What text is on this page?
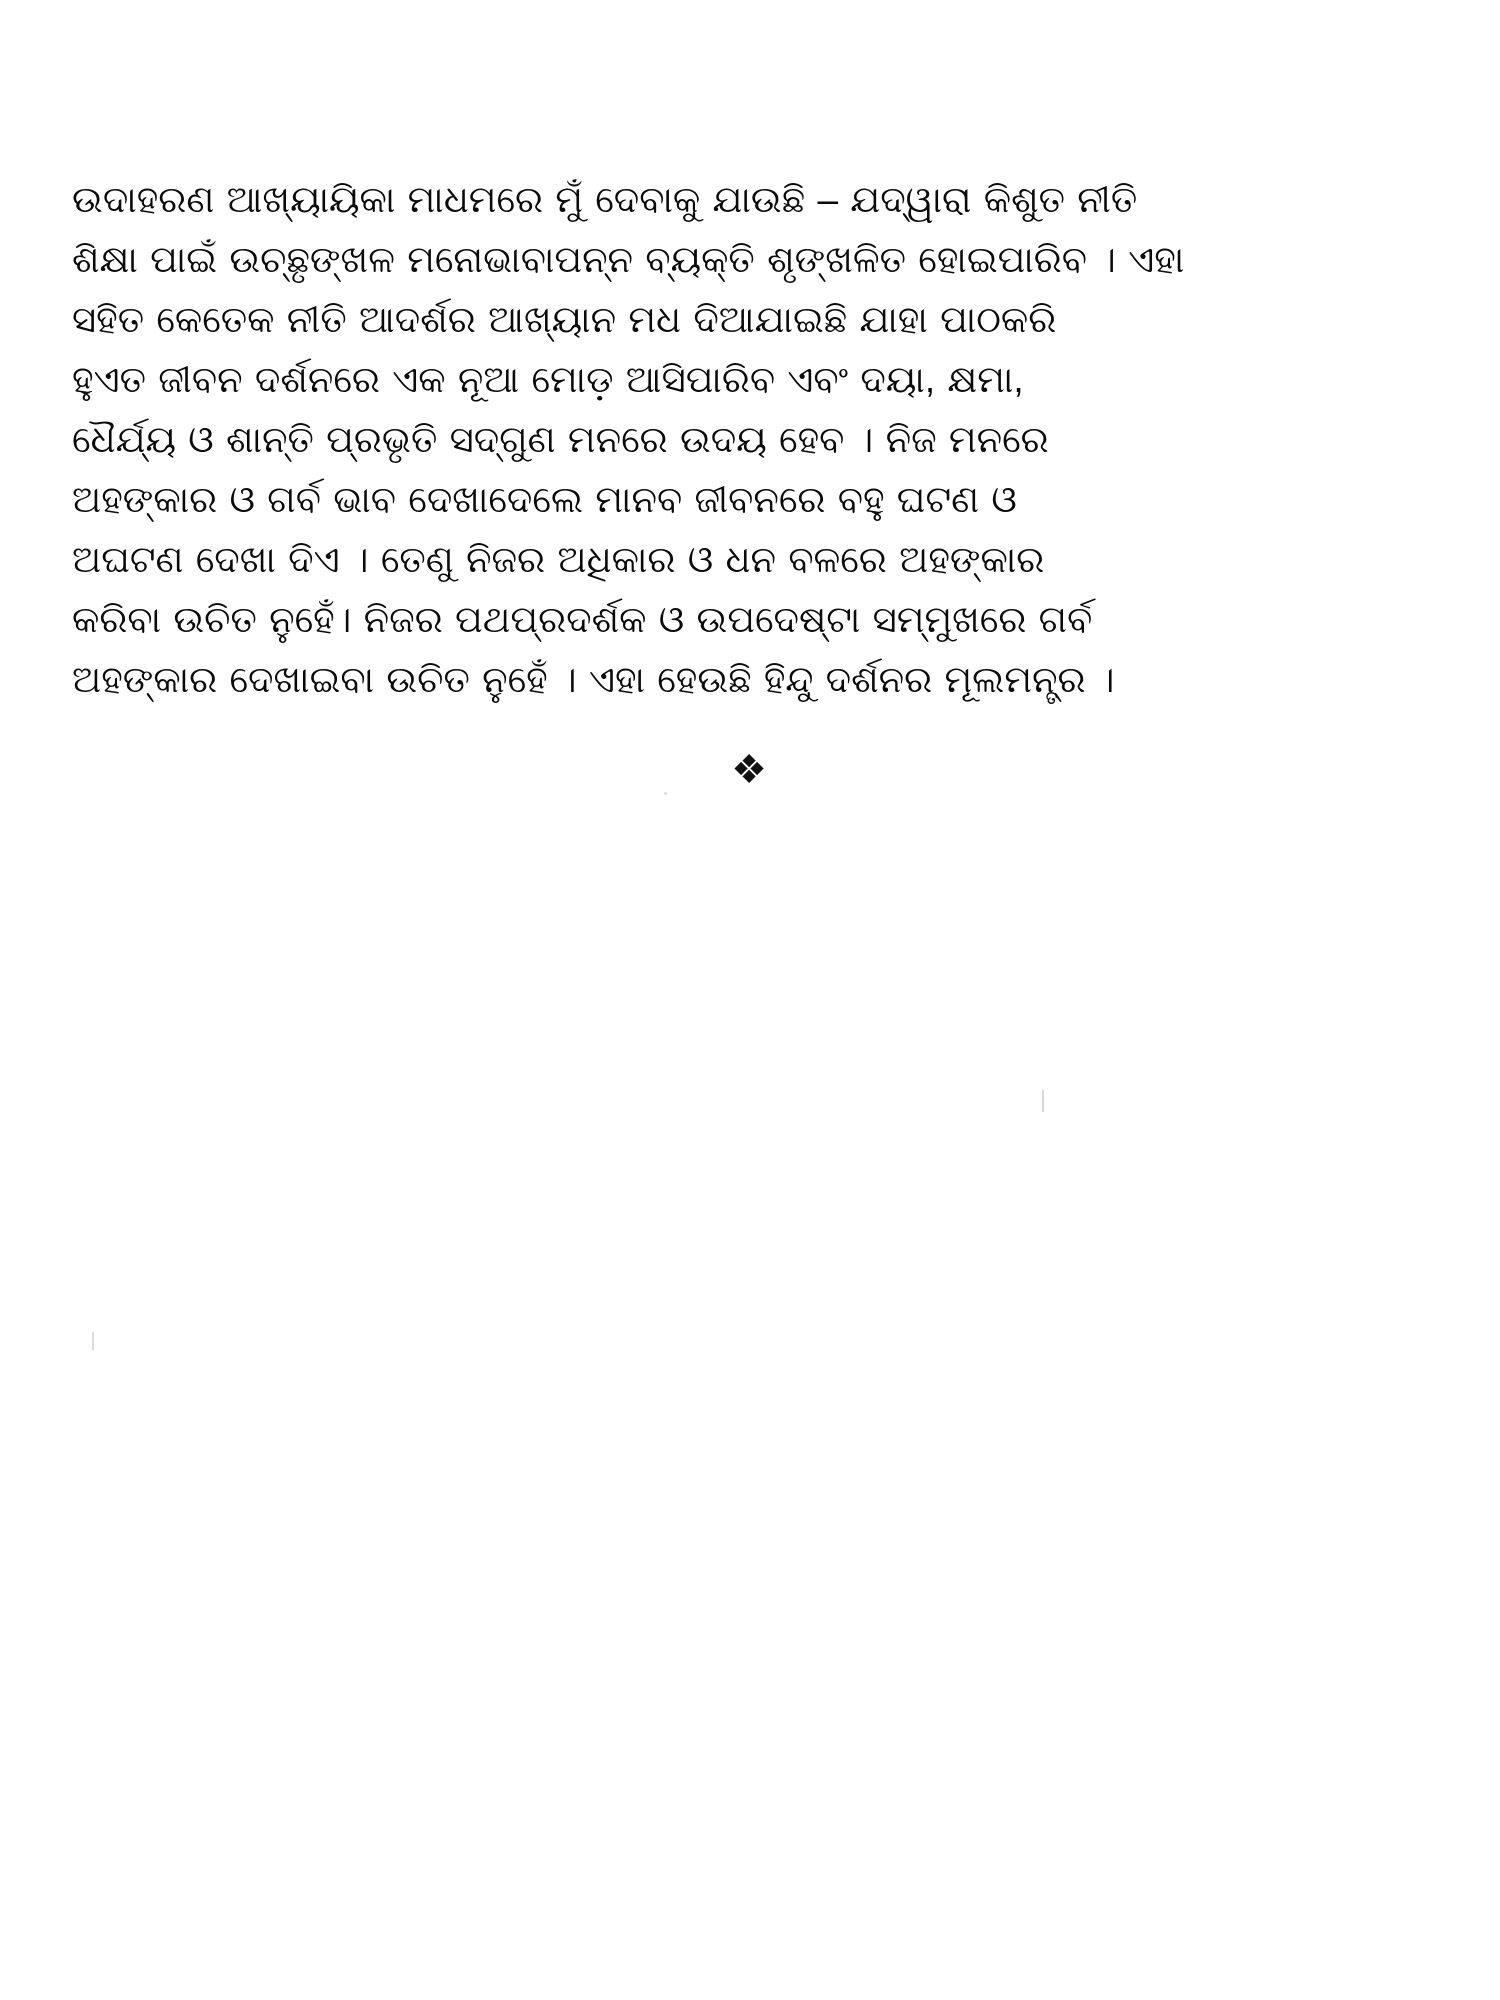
ଉଦାହରଣ ଆଖ୍ୟାୟିକା ମାଧମରେ ମୁଁ ଦେବାକୁ ଯାଉଛି – ଯଦ୍ୱାରା କିଶୁତ ନୀତି
ଶିକ୍ଷା ପାଇଁ ଉଚ୍ଛୃଙ୍ଖଳ ମନୋଭାବାପନ୍ନ ବ୍ୟକ୍ତି ଶୃଙ୍ଖଳିତ ହୋଇପାରିବ । ଏହା
ସହିତ କେତେକ ନୀତି ଆଦର୍ଶର ଆଖ୍ୟାନ ମଧ ଦିଆଯାଇଛି ଯାହା ପାଠକରି
ହୁଏତ ଜୀବନ ଦର୍ଶନରେ ଏକ ନୂଆ ମୋଡ଼ ଆସିପାରିବ ଏବଂ ଦୟା, କ୍ଷମା,
ଧୈର୍ଯ୍ୟ ଓ ଶାନ୍ତି ପ୍ରଭୃତି ସଦ୍‌ଗୁଣ ମନରେ ଉଦୟ ହେବ । ନିଜ ମନରେ
ଅହଙ୍କାର ଓ ଗର୍ବ ଭାବ ଦେଖାଦେଲେ ମାନବ ଜୀବନରେ ବହୁ ଘଟଣ ଓ
ଅଘଟଣ ଦେଖା ଦିଏ । ତେଣୁ ନିଜର ଅଧିକାର ଓ ଧନ ବଳରେ ଅହଙ୍କାର
କରିବା ଉଚିତ ନୁହେଁ। ନିଜର ପଥପ୍ରଦର୍ଶକ ଓ ଉପଦେଷ୍ଟା ସମ୍ମୁଖରେ ଗର୍ବ
ଅହଙ୍କାର ଦେଖାଇବା ଉଚିତ ନୁହେଁ । ଏହା ହେଉଛି ହିନ୍ଦୁ ଦର୍ଶନର ମୂଲମନ୍ତ୍ର ।

❖
